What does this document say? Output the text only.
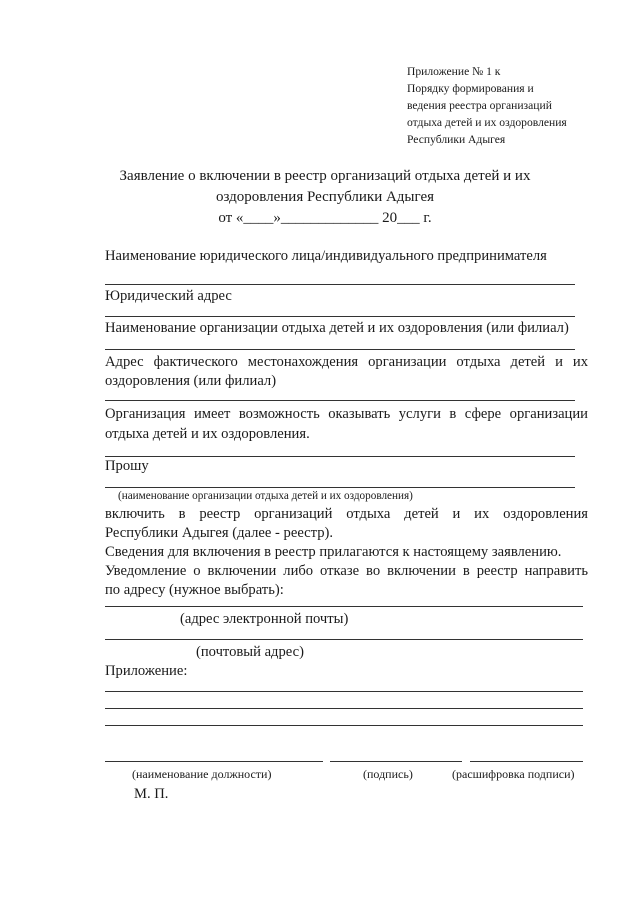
Приложение № 1 к
Порядку формирования и
ведения реестра организаций
отдыха детей и их оздоровления
Республики Адыгея
Заявление о включении в реестр организаций отдыха детей и их
оздоровления Республики Адыгея
от «____»_____________ 20___ г.
Наименование юридического лица/индивидуального предпринимателя
Юридический адрес
Наименование организации отдыха детей и их оздоровления (или филиал)
Адрес фактического местонахождения организации отдыха детей и их
оздоровления (или филиал)
Организация имеет возможность оказывать услуги в сфере организации
отдыха детей и их оздоровления.
Прошу
(наименование организации отдыха детей и их оздоровления)
включить в реестр организаций отдыха детей и их оздоровления
Республики Адыгея (далее - реестр).
Сведения для включения в реестр прилагаются к настоящему заявлению.
Уведомление о включении либо отказе во включении в реестр направить
по адресу (нужное выбрать):
(адрес электронной почты)
(почтовый адрес)
Приложение:
(наименование должности)	(подпись)	(расшифровка подписи)
М. П.
